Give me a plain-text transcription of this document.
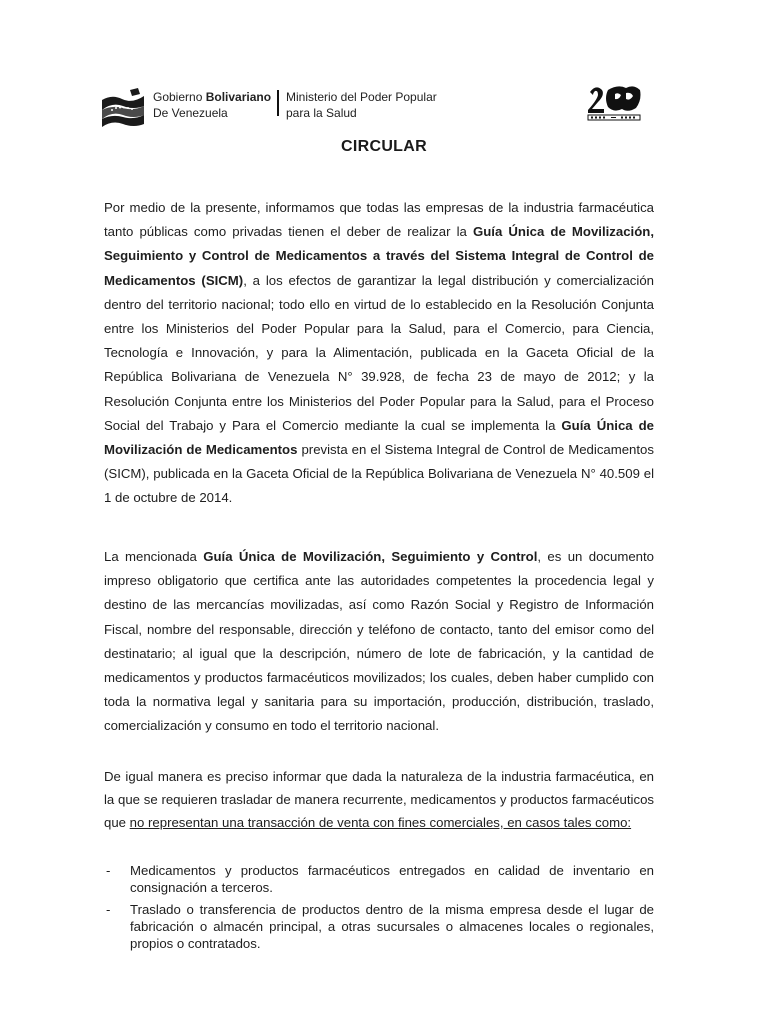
Gobierno Bolivariano
De Venezuela
Ministerio del Poder Popular
para la Salud
CIRCULAR

Por medio de la presente, informamos que todas las empresas de la industria farmacéutica tanto públicas como privadas tienen el deber de realizar la Guía Única de Movilización, Seguimiento y Control de Medicamentos a través del Sistema Integral de Control de Medicamentos (SICM), a los efectos de garantizar la legal distribución y comercialización dentro del territorio nacional; todo ello en virtud de lo establecido en la Resolución Conjunta entre los Ministerios del Poder Popular para la Salud, para el Comercio, para Ciencia, Tecnología e Innovación, y para la Alimentación, publicada en la Gaceta Oficial de la República Bolivariana de Venezuela N° 39.928, de fecha 23 de mayo de 2012; y la Resolución Conjunta entre los Ministerios del Poder Popular para la Salud, para el Proceso Social del Trabajo y Para el Comercio mediante la cual se implementa la Guía Única de Movilización de Medicamentos prevista en el Sistema Integral de Control de Medicamentos (SICM), publicada en la Gaceta Oficial de la República Bolivariana de Venezuela N° 40.509 el 1 de octubre de 2014.

La mencionada Guía Única de Movilización, Seguimiento y Control, es un documento impreso obligatorio que certifica ante las autoridades competentes la procedencia legal y destino de las mercancías movilizadas, así como Razón Social y Registro de Información Fiscal, nombre del responsable, dirección y teléfono de contacto, tanto del emisor como del destinatario; al igual que la descripción, número de lote de fabricación, y la cantidad de medicamentos y productos farmacéuticos movilizados; los cuales, deben haber cumplido con toda la normativa legal y sanitaria para su importación, producción, distribución, traslado, comercialización y consumo en todo el territorio nacional.

De igual manera es preciso informar que dada la naturaleza de la industria farmacéutica, en la que se requieren trasladar de manera recurrente, medicamentos y productos farmacéuticos que no representan una transacción de venta con fines comerciales, en casos tales como:

- Medicamentos y productos farmacéuticos entregados en calidad de inventario en consignación a terceros.
- Traslado o transferencia de productos dentro de la misma empresa desde el lugar de fabricación o almacén principal, a otras sucursales o almacenes locales o regionales, propios o contratados.
